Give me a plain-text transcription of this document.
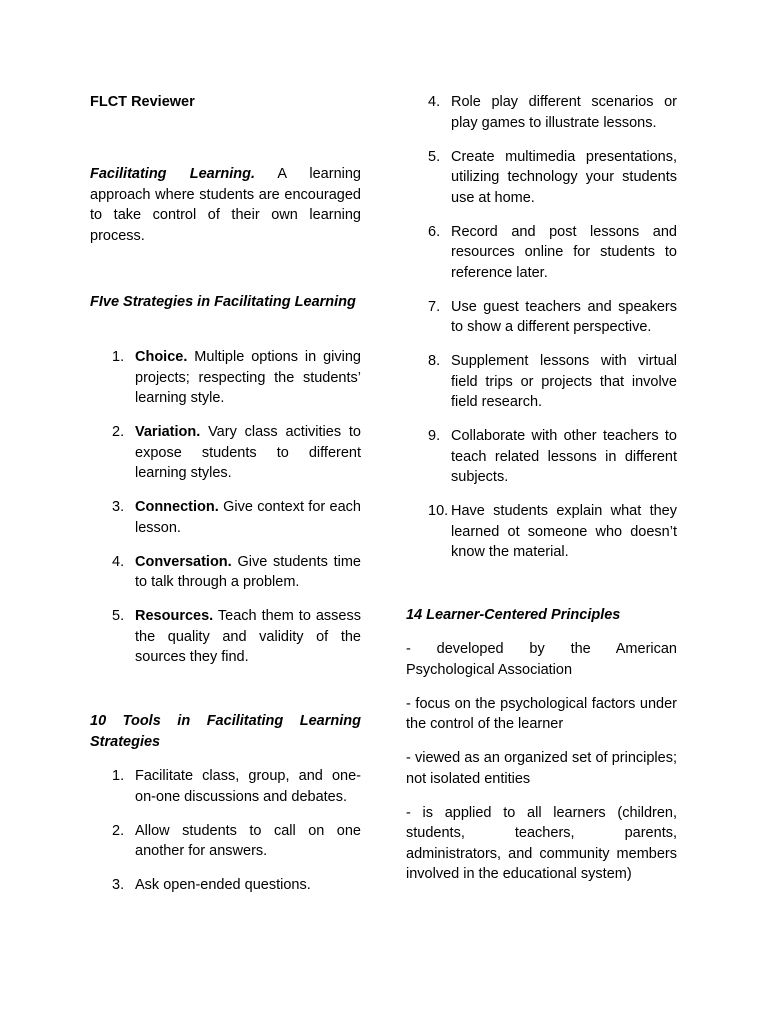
FLCT Reviewer

Facilitating Learning. A learning approach where students are encouraged to take control of their own learning process.

FIve Strategies in Facilitating Learning

1. Choice. Multiple options in giving projects; respecting the students’ learning style.
2. Variation. Vary class activities to expose students to different learning styles.
3. Connection. Give context for each lesson.
4. Conversation. Give students time to talk through a problem.
5. Resources. Teach them to assess the quality and validity of the sources they find.

10 Tools in Facilitating Learning Strategies

1. Facilitate class, group, and one-on-one discussions and debates.
2. Allow students to call on one another for answers.
3. Ask open-ended questions.
4. Role play different scenarios or play games to illustrate lessons.
5. Create multimedia presentations, utilizing technology your students use at home.
6. Record and post lessons and resources online for students to reference later.
7. Use guest teachers and speakers to show a different perspective.
8. Supplement lessons with virtual field trips or projects that involve field research.
9. Collaborate with other teachers to teach related lessons in different subjects.
10. Have students explain what they learned ot someone who doesn’t know the material.

14 Learner-Centered Principles

- developed by the American Psychological Association

- focus on the psychological factors under the control of the learner

- viewed as an organized set of principles; not isolated entities

- is applied to all learners (children, students, teachers, parents, administrators, and community members involved in the educational system)
